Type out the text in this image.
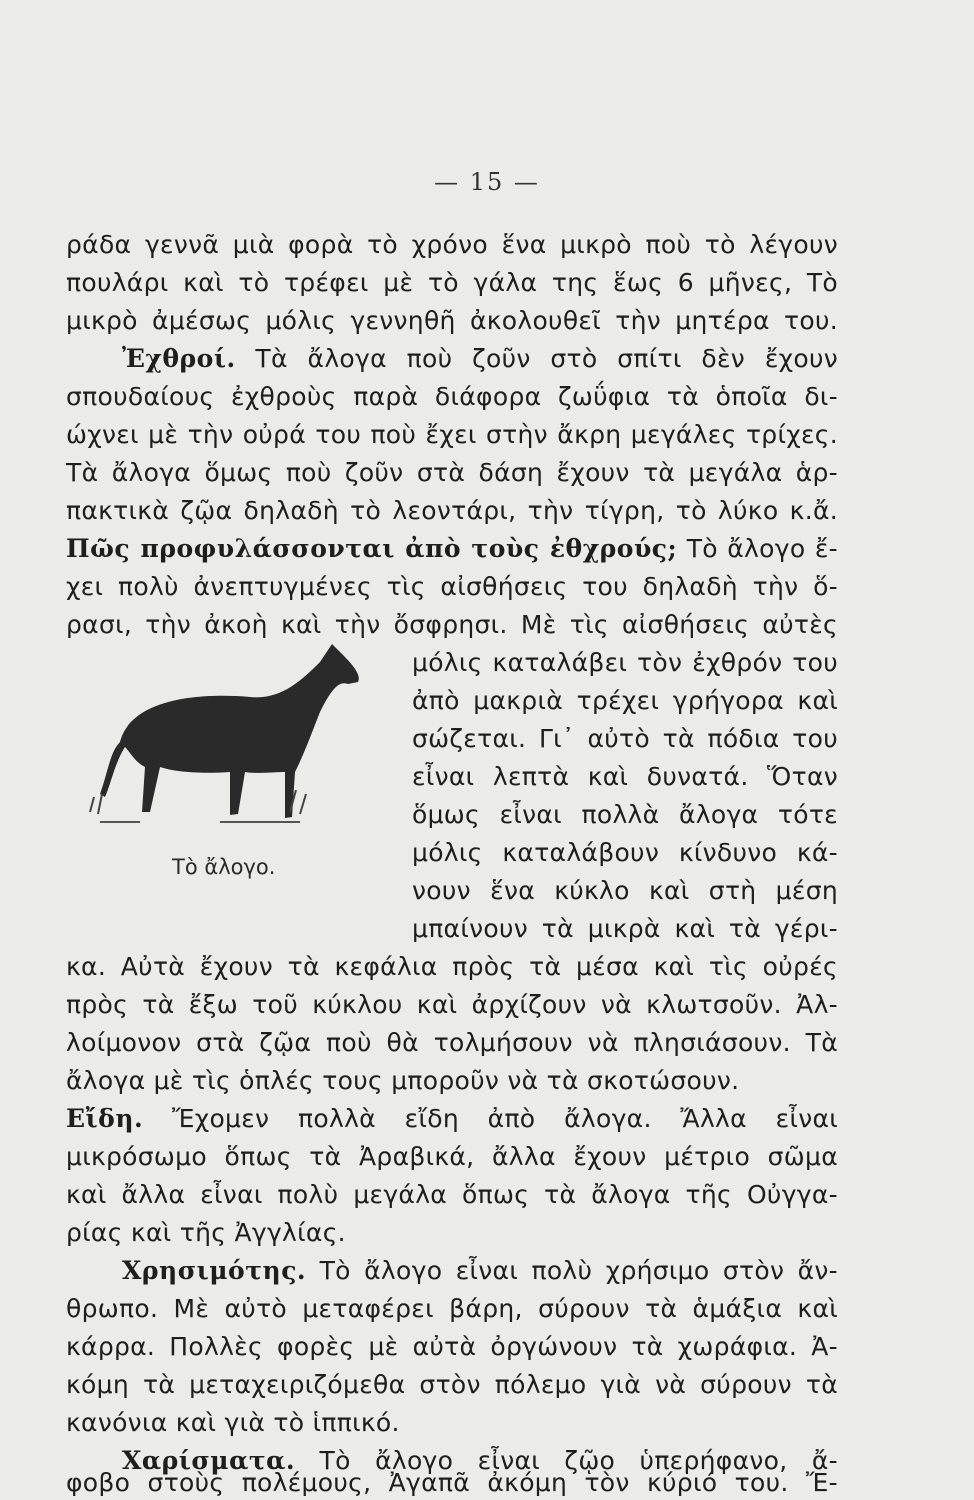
— 15 —
ράδα γεννᾶ μιὰ φορὰ τὸ χρόνο ἕνα μικρὸ ποὺ τὸ λέγουν
πουλάρι καὶ τὸ τρέφει μὲ τὸ γάλα της ἕως 6 μῆνες, Τὸ
μικρὸ ἀμέσως μόλις γεννηθῆ ἀκολουθεῖ τὴν μητέρα του.
Ἐχθροί. Τὰ ἄλογα ποὺ ζοῦν στὸ σπίτι δὲν ἔχουν
σπουδαίους ἐχθροὺς παρὰ διάφορα ζωΰφια τὰ ὁποῖα δι-
ώχνει μὲ τὴν οὐρά του ποὺ ἔχει στὴν ἄκρη μεγάλες τρίχες.
Τὰ ἄλογα ὅμως ποὺ ζοῦν στὰ δάση ἔχουν τὰ μεγάλα ἁρ-
πακτικὰ ζῷα δηλαδὴ τὸ λεοντάρι, τὴν τίγρη, τὸ λύκο κ.ἄ.
Πῶς προφυλάσσονται ἀπὸ τοὺς ἐθχρούς; Τὸ ἄλογο ἔ-
χει πολὺ ἀνεπτυγμένες τὶς αἰσθήσεις του δηλαδὴ τὴν ὅ-
ρασι, τὴν ἀκοὴ καὶ τὴν ὄσφρησι. Μὲ τὶς αἰσθήσεις αὐτὲς
μόλις καταλάβει τὸν ἐχθρόν του
ἀπὸ μακριὰ τρέχει γρήγορα καὶ
σώζεται. Γι᾿ αὐτὸ τὰ πόδια του
εἶναι λεπτὰ καὶ δυνατά. Ὅταν
ὅμως εἶναι πολλὰ ἄλογα τότε
μόλις καταλάβουν κίνδυνο κά-
νουν ἕνα κύκλο καὶ στὴ μέση
μπαίνουν τὰ μικρὰ καὶ τὰ γέρι-
Τὸ ἄλογο.
κα. Αὐτὰ ἔχουν τὰ κεφάλια πρὸς τὰ μέσα καὶ τὶς οὐρές
πρὸς τὰ ἔξω τοῦ κύκλου καὶ ἀρχίζουν νὰ κλωτσοῦν. Ἀλ-
λοίμονον στὰ ζῷα ποὺ θὰ τολμήσουν νὰ πλησιάσουν. Τὰ
ἄλογα μὲ τὶς ὁπλές τους μποροῦν νὰ τὰ σκοτώσουν.
Εἴδη. Ἔχομεν πολλὰ εἴδη ἀπὸ ἄλογα. Ἄλλα εἶναι
μικρόσωμο ὅπως τὰ Ἀραβικά, ἄλλα ἔχουν μέτριο σῶμα
καὶ ἄλλα εἶναι πολὺ μεγάλα ὅπως τὰ ἄλογα τῆς Οὐγγα-
ρίας καὶ τῆς Ἀγγλίας.
Χρησιμότης. Τὸ ἄλογο εἶναι πολὺ χρήσιμο στὸν ἄν-
θρωπο. Μὲ αὐτὸ μεταφέρει βάρη, σύρουν τὰ ἁμάξια καὶ
κάρρα. Πολλὲς φορὲς μὲ αὐτὰ ὀργώνουν τὰ χωράφια. Ἀ-
κόμη τὰ μεταχειριζόμεθα στὸν πόλεμο γιὰ νὰ σύρουν τὰ
κανόνια καὶ γιὰ τὸ ἱππικό.
Χαρίσματα. Τὸ ἄλογο εἶναι ζῷο ὑπερήφανο, ἄ-
φοβο στοὺς πολέμους, Ἀγαπᾶ ἀκόμη τὸν κύριό του. Ἔ-
